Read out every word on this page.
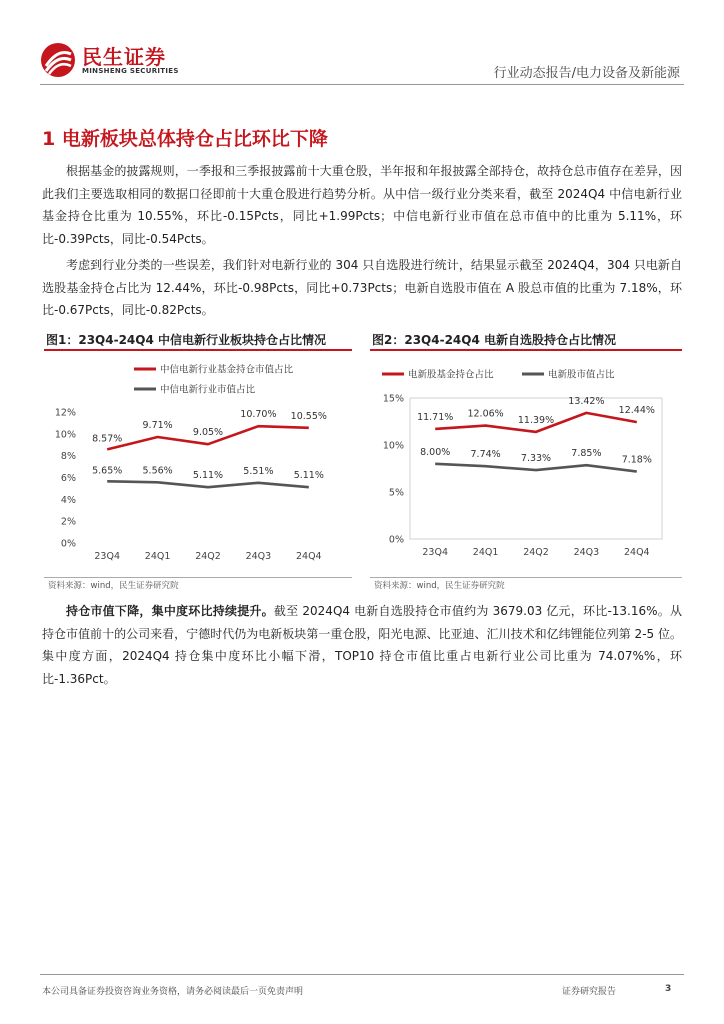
民生证券
MINSHENG SECURITIES	行业动态报告/电力设备及新能源
1 电新板块总体持仓占比环比下降

根据基金的披露规则，一季报和三季报披露前十大重仓股，半年报和年报披露全部持仓，故持仓总市值存在差异，因此我们主要选取相同的数据口径即前十大重仓股进行趋势分析。从中信一级行业分类来看，截至 2024Q4 中信电新行业基金持仓比重为 10.55%，环比-0.15Pcts，同比+1.99Pcts；中信电新行业市值在总市值中的比重为 5.11%，环比-0.39Pcts，同比-0.54Pcts。

考虑到行业分类的一些误差，我们针对电新行业的 304 只自选股进行统计，结果显示截至 2024Q4，304 只电新自选股基金持仓占比为 12.44%，环比-0.98Pcts，同比+0.73Pcts；电新自选股市值在 A 股总市值的比重为 7.18%，环比-0.67Pcts，同比-0.82Pcts。

图1：23Q4-24Q4 中信电新行业板块持仓占比情况
0%
2%
4%
6%
8%
10%
12%
23Q4	24Q1	24Q2	24Q3	24Q4
中信电新行业基金持仓市值占比
中信电新行业市值占比
8.57%
9.71%
9.05%
10.70% 10.55%
5.65% 5.56% 5.11% 5.51% 5.11%
资料来源：wind，民生证券研究院
图2：23Q4-24Q4 电新自选股持仓占比情况
0%
5%
10%
15%
23Q4	24Q1	24Q2	24Q3	24Q4
电新股基金持仓占比	电新股市值占比
11.71% 12.06%
11.39%
13.42%
12.44%
8.00% 7.74% 7.33% 7.85%
7.18%
资料来源：wind，民生证券研究院

持仓市值下降，集中度环比持续提升。截至 2024Q4 电新自选股持仓市值约为 3679.03 亿元，环比-13.16%。从持仓市值前十的公司来看，宁德时代仍为电新板块第一重仓股，阳光电源、比亚迪、汇川技术和亿纬锂能位列第 2-5 位。集中度方面，2024Q4 持仓集中度环比小幅下滑，TOP10 持仓市值比重占电新行业公司比重为 74.07%%，环比-1.36Pct。

本公司具备证券投资咨询业务资格，请务必阅读最后一页免责声明	证券研究报告	3
